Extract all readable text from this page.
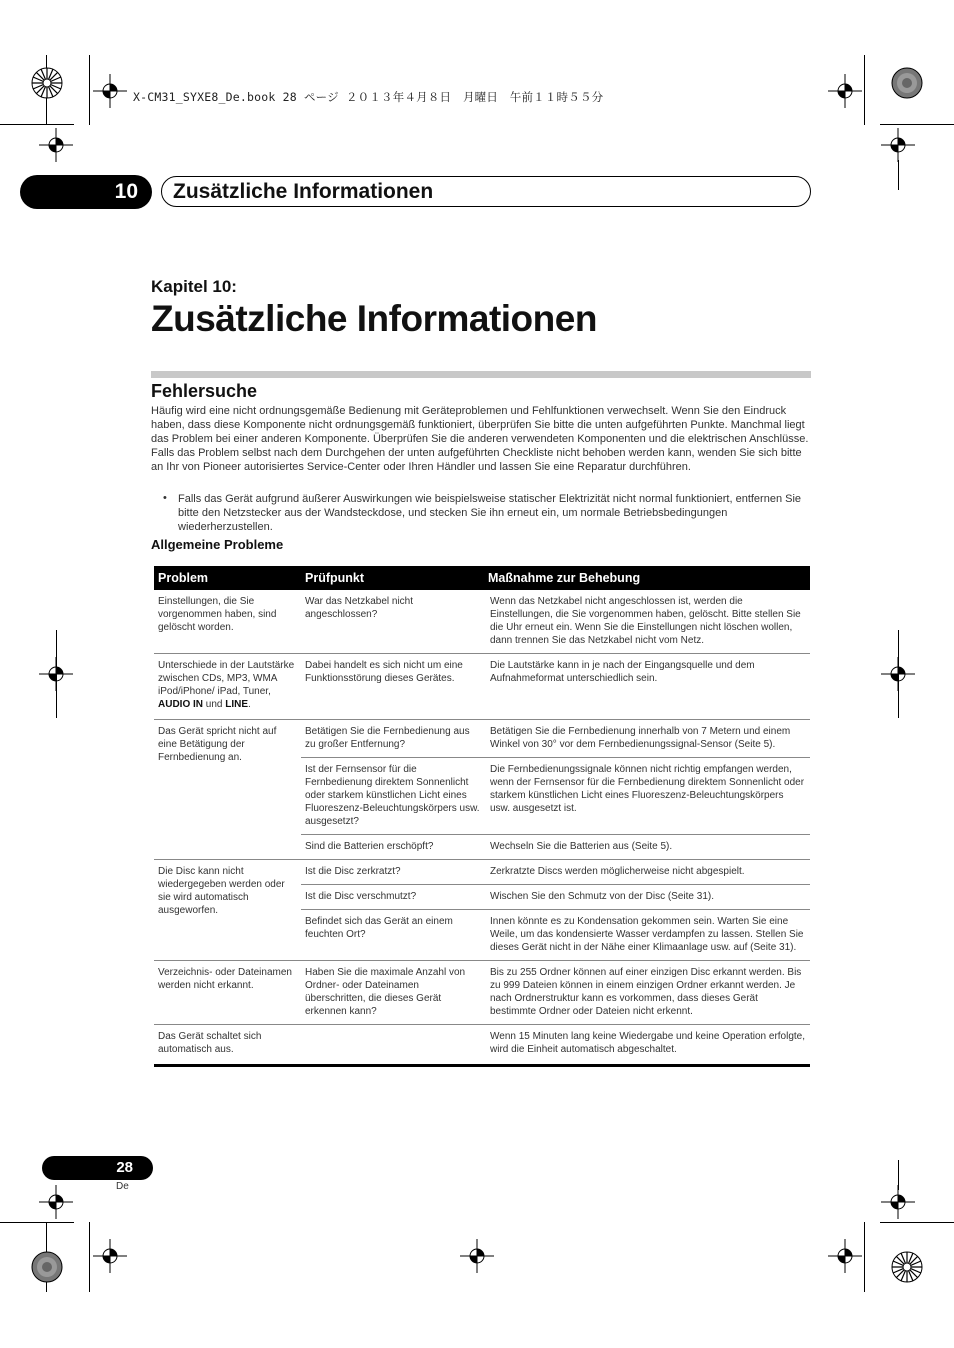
X-CM31_SYXE8_De.book 28 ページ ２０１３年４月８日　月曜日　午前１１時５５分
10	Zusätzliche Informationen
Kapitel 10:
Zusätzliche Informationen
Fehlersuche

Häufig wird eine nicht ordnungsgemäße Bedienung mit Geräteproblemen und Fehlfunktionen verwechselt. Wenn Sie den Eindruck haben, dass diese Komponente nicht ordnungsgemäß funktioniert, überprüfen Sie bitte die unten aufgeführten Punkte. Manchmal liegt das Problem bei einer anderen Komponente. Überprüfen Sie die anderen verwendeten Komponenten und die elektrischen Anschlüsse. Falls das Problem selbst nach dem Durchgehen der unten aufgeführten Checkliste nicht behoben werden kann, wenden Sie sich bitte an Ihr von Pioneer autorisiertes Service-Center oder Ihren Händler und lassen Sie eine Reparatur durchführen.

• Falls das Gerät aufgrund äußerer Auswirkungen wie beispielsweise statischer Elektrizität nicht normal funktioniert, entfernen Sie bitte den Netzstecker aus der Wandsteckdose, und stecken Sie ihn erneut ein, um normale Betriebsbedingungen wiederherzustellen.

Allgemeine Probleme
Problem	Prüfpunkt	Maßnahme zur Behebung
Einstellungen, die Sie vorgenommen haben, sind gelöscht worden.	War das Netzkabel nicht angeschlossen?	Wenn das Netzkabel nicht angeschlossen ist, werden die Einstellungen, die Sie vorgenommen haben, gelöscht. Bitte stellen Sie die Uhr erneut ein. Wenn Sie die Einstellungen nicht löschen wollen, dann trennen Sie das Netzkabel nicht vom Netz.
Unterschiede in der Lautstärke zwischen CDs, MP3, WMA iPod/iPhone/ iPad, Tuner, AUDIO IN und LINE.	Dabei handelt es sich nicht um eine Funktionsstörung dieses Gerätes.	Die Lautstärke kann in je nach der Eingangsquelle und dem Aufnahmeformat unterschiedlich sein.
Das Gerät spricht nicht auf eine Betätigung der Fernbedienung an.	Betätigen Sie die Fernbedienung aus zu großer Entfernung?	Betätigen Sie die Fernbedienung innerhalb von 7 Metern und einem Winkel von 30° vor dem Fernbedienungssignal-Sensor (Seite 5).
	Ist der Fernsensor für die Fernbedienung direktem Sonnenlicht oder starkem künstlichen Licht eines Fluoreszenz-Beleuchtungskörpers usw. ausgesetzt?	Die Fernbedienungssignale können nicht richtig empfangen werden, wenn der Fernsensor für die Fernbedienung direktem Sonnenlicht oder starkem künstlichen Licht eines Fluoreszenz-Beleuchtungskörpers usw. ausgesetzt ist.
	Sind die Batterien erschöpft?	Wechseln Sie die Batterien aus (Seite 5).
Die Disc kann nicht wiedergegeben werden oder sie wird automatisch ausgeworfen.	Ist die Disc zerkratzt?	Zerkratzte Discs werden möglicherweise nicht abgespielt.
	Ist die Disc verschmutzt?	Wischen Sie den Schmutz von der Disc (Seite 31).
	Befindet sich das Gerät an einem feuchten Ort?	Innen könnte es zu Kondensation gekommen sein. Warten Sie eine Weile, um das kondensierte Wasser verdampfen zu lassen. Stellen Sie dieses Gerät nicht in der Nähe einer Klimaanlage usw. auf (Seite 31).
Verzeichnis- oder Dateinamen werden nicht erkannt.	Haben Sie die maximale Anzahl von Ordner- oder Dateinamen überschritten, die dieses Gerät erkennen kann?	Bis zu 255 Ordner können auf einer einzigen Disc erkannt werden. Bis zu 999 Dateien können in einem einzigen Ordner erkannt werden. Je nach Ordnerstruktur kann es vorkommen, dass dieses Gerät bestimmte Ordner oder Dateien nicht erkennt.
Das Gerät schaltet sich automatisch aus.		Wenn 15 Minuten lang keine Wiedergabe und keine Operation erfolgte, wird die Einheit automatisch abgeschaltet.
28
De
